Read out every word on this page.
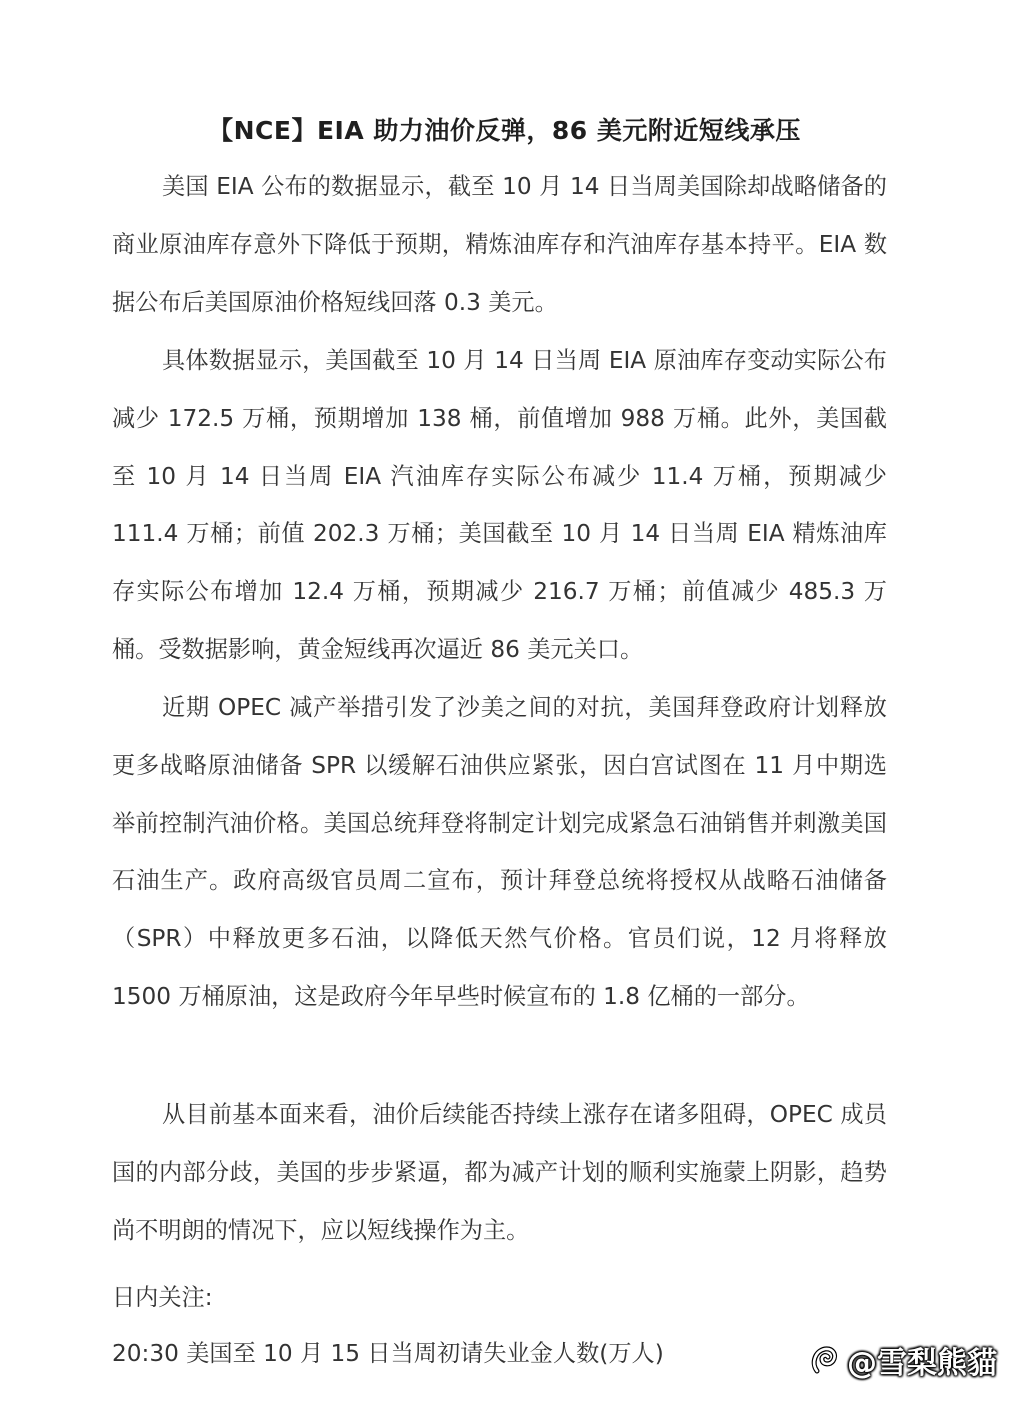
【NCE】EIA 助力油价反弹，86 美元附近短线承压

美国 EIA 公布的数据显示，截至 10 月 14 日当周美国除却战略储备的商业原油库存意外下降低于预期，精炼油库存和汽油库存基本持平。EIA 数据公布后美国原油价格短线回落 0.3 美元。

具体数据显示，美国截至 10 月 14 日当周 EIA 原油库存变动实际公布减少 172.5 万桶，预期增加 138 桶，前值增加 988 万桶。此外，美国截至 10 月 14 日当周 EIA 汽油库存实际公布减少 11.4 万桶，预期减少 111.4 万桶；前值 202.3 万桶；美国截至 10 月 14 日当周 EIA 精炼油库存实际公布增加 12.4 万桶，预期减少 216.7 万桶；前值减少 485.3 万桶。受数据影响，黄金短线再次逼近 86 美元关口。

近期 OPEC 减产举措引发了沙美之间的对抗，美国拜登政府计划释放更多战略原油储备 SPR 以缓解石油供应紧张，因白宫试图在 11 月中期选举前控制汽油价格。美国总统拜登将制定计划完成紧急石油销售并刺激美国石油生产。政府高级官员周二宣布，预计拜登总统将授权从战略石油储备（SPR）中释放更多石油，以降低天然气价格。官员们说，12 月将释放 1500 万桶原油，这是政府今年早些时候宣布的 1.8 亿桶的一部分。

从目前基本面来看，油价后续能否持续上涨存在诸多阻碍，OPEC 成员国的内部分歧，美国的步步紧逼，都为减产计划的顺利实施蒙上阴影，趋势尚不明朗的情况下，应以短线操作为主。

日内关注:

20:30 美国至 10 月 15 日当周初请失业金人数(万人)	@雪梨熊貓
